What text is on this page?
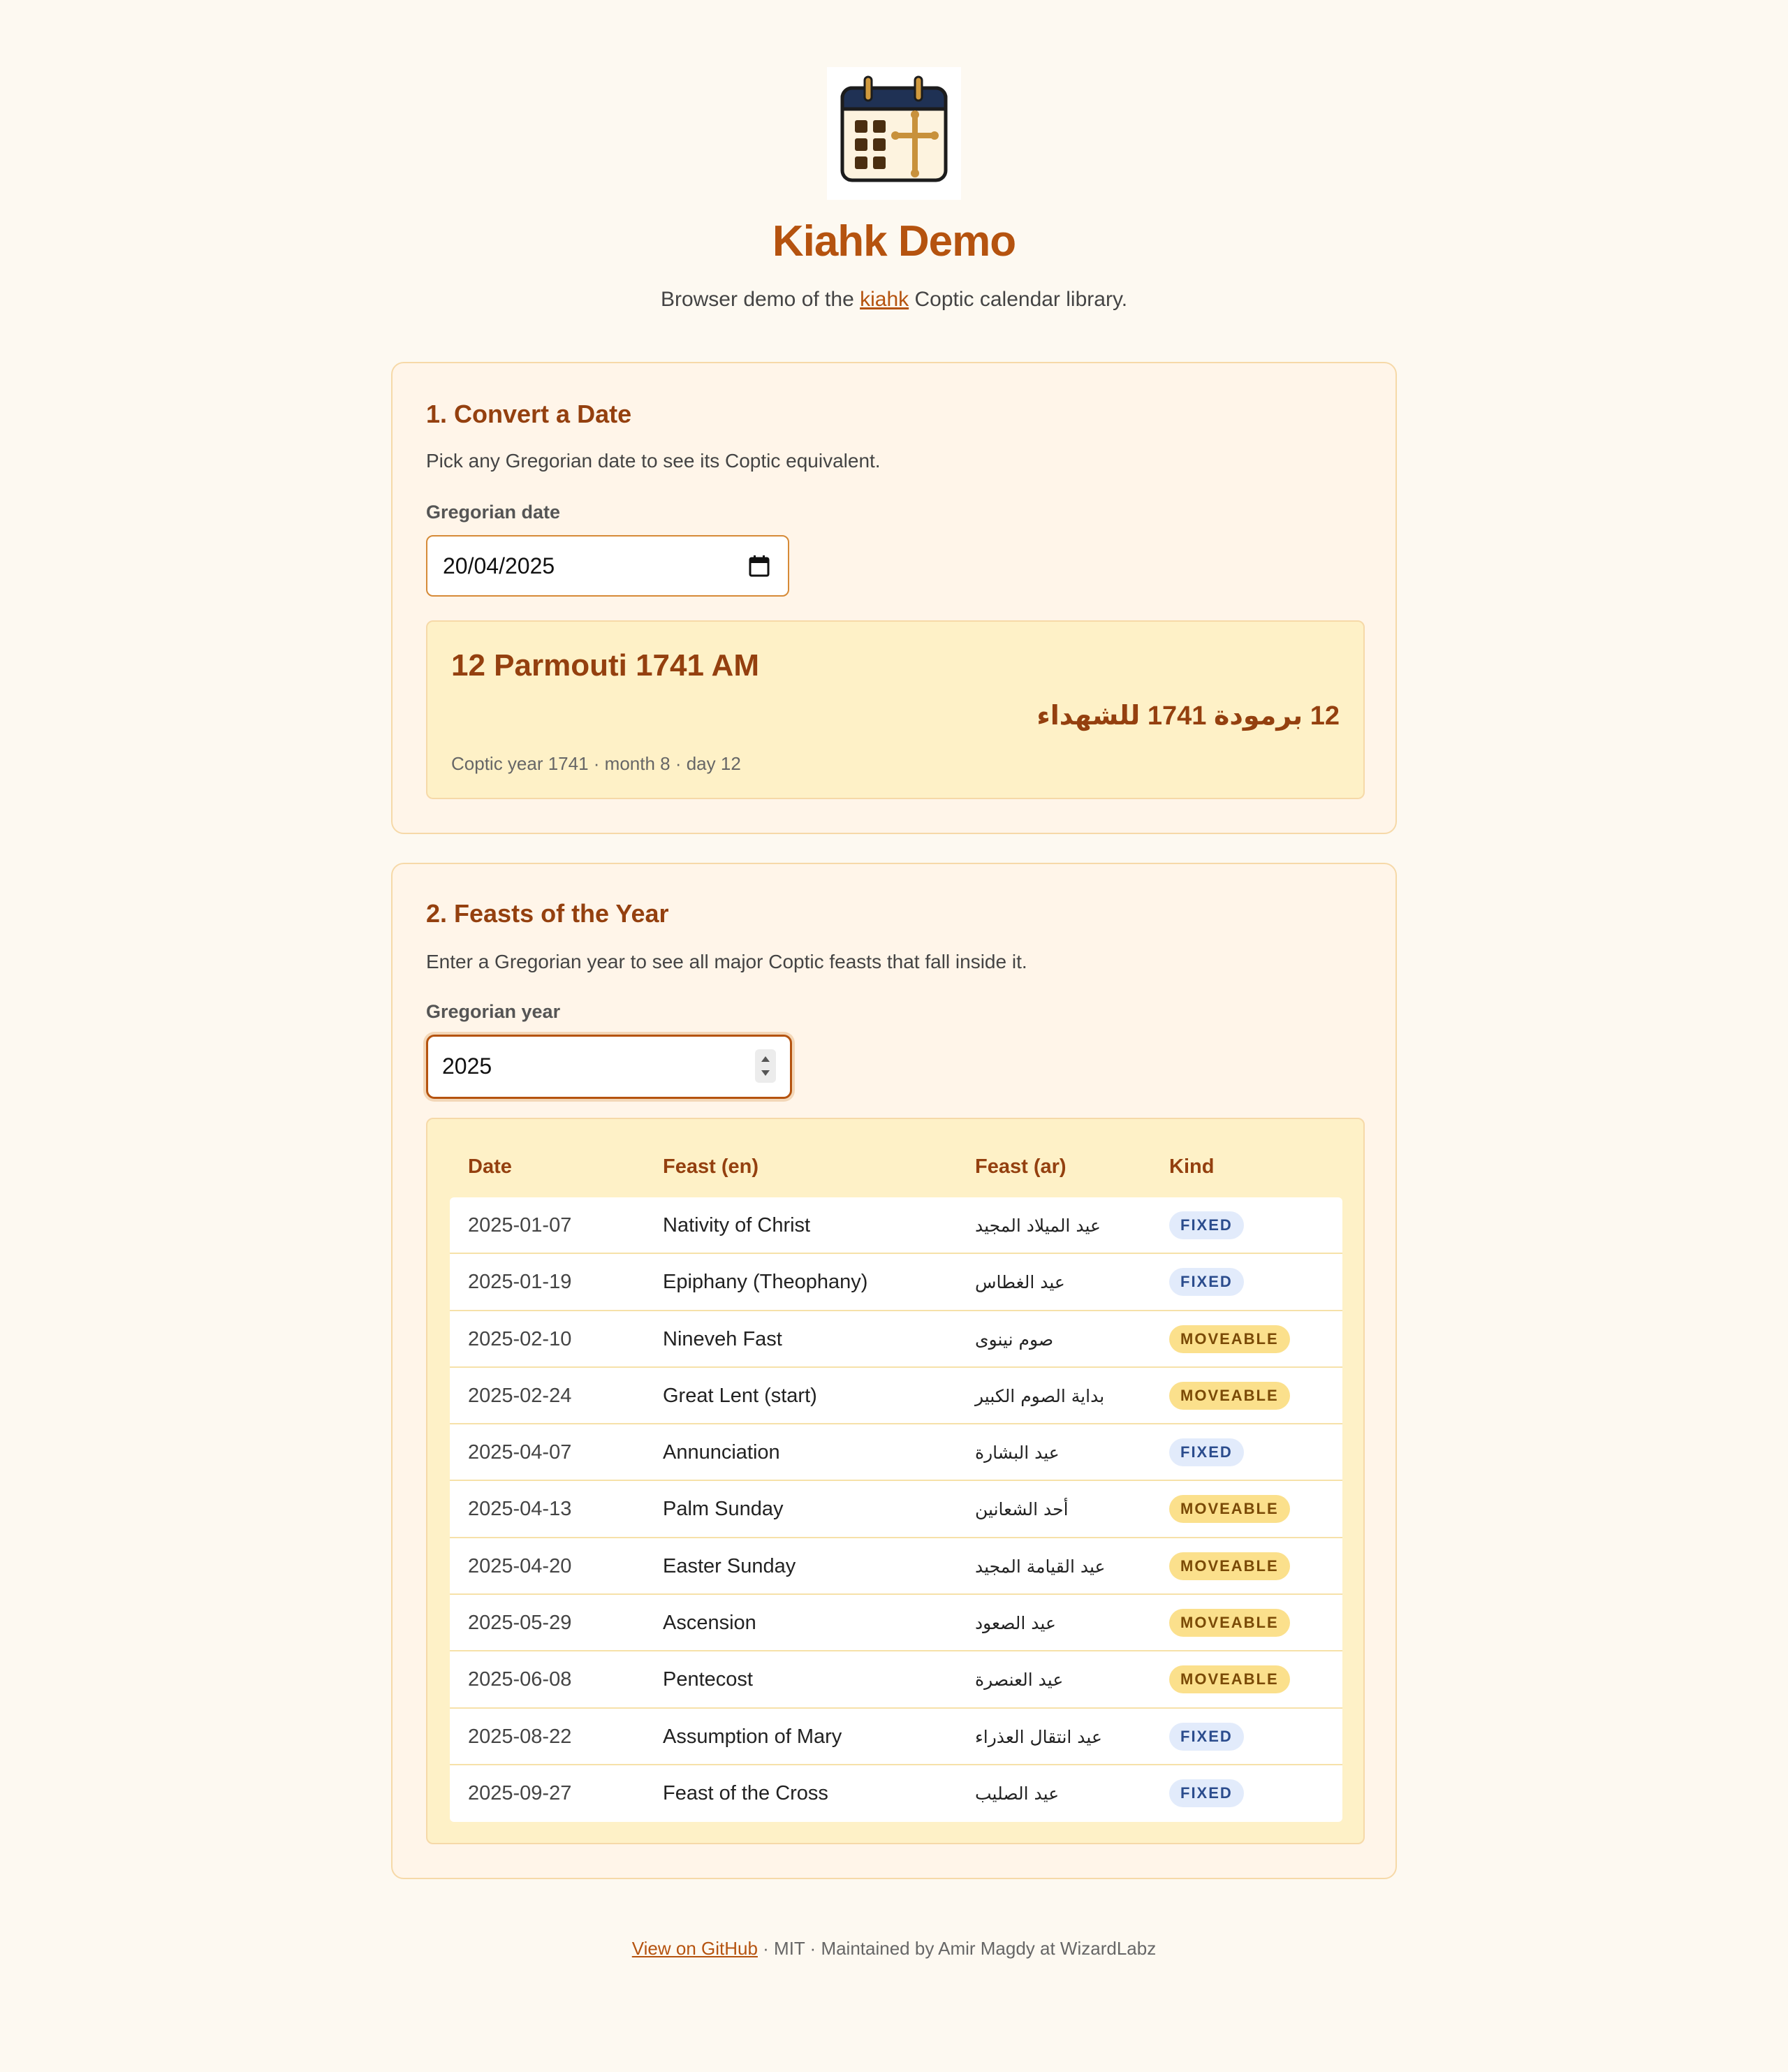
Kiahk Demo
Browser demo of the kiahk Coptic calendar library.
1. Convert a Date
Pick any Gregorian date to see its Coptic equivalent.
Gregorian date
20/04/2025
12 Parmouti 1741 AM
12 برمودة 1741 للشهداء
Coptic year 1741 · month 8 · day 12
2. Feasts of the Year
Enter a Gregorian year to see all major Coptic feasts that fall inside it.
Gregorian year
2025
Date	Feast (en)	Feast (ar)	Kind
2025-01-07	Nativity of Christ	عيد الميلاد المجيد	FIXED
2025-01-19	Epiphany (Theophany)	عيد الغطاس	FIXED
2025-02-10	Nineveh Fast	صوم نينوى	MOVEABLE
2025-02-24	Great Lent (start)	بداية الصوم الكبير	MOVEABLE
2025-04-07	Annunciation	عيد البشارة	FIXED
2025-04-13	Palm Sunday	أحد الشعانين	MOVEABLE
2025-04-20	Easter Sunday	عيد القيامة المجيد	MOVEABLE
2025-05-29	Ascension	عيد الصعود	MOVEABLE
2025-06-08	Pentecost	عيد العنصرة	MOVEABLE
2025-08-22	Assumption of Mary	عيد انتقال العذراء	FIXED
2025-09-27	Feast of the Cross	عيد الصليب	FIXED
View on GitHub · MIT · Maintained by Amir Magdy at WizardLabz
